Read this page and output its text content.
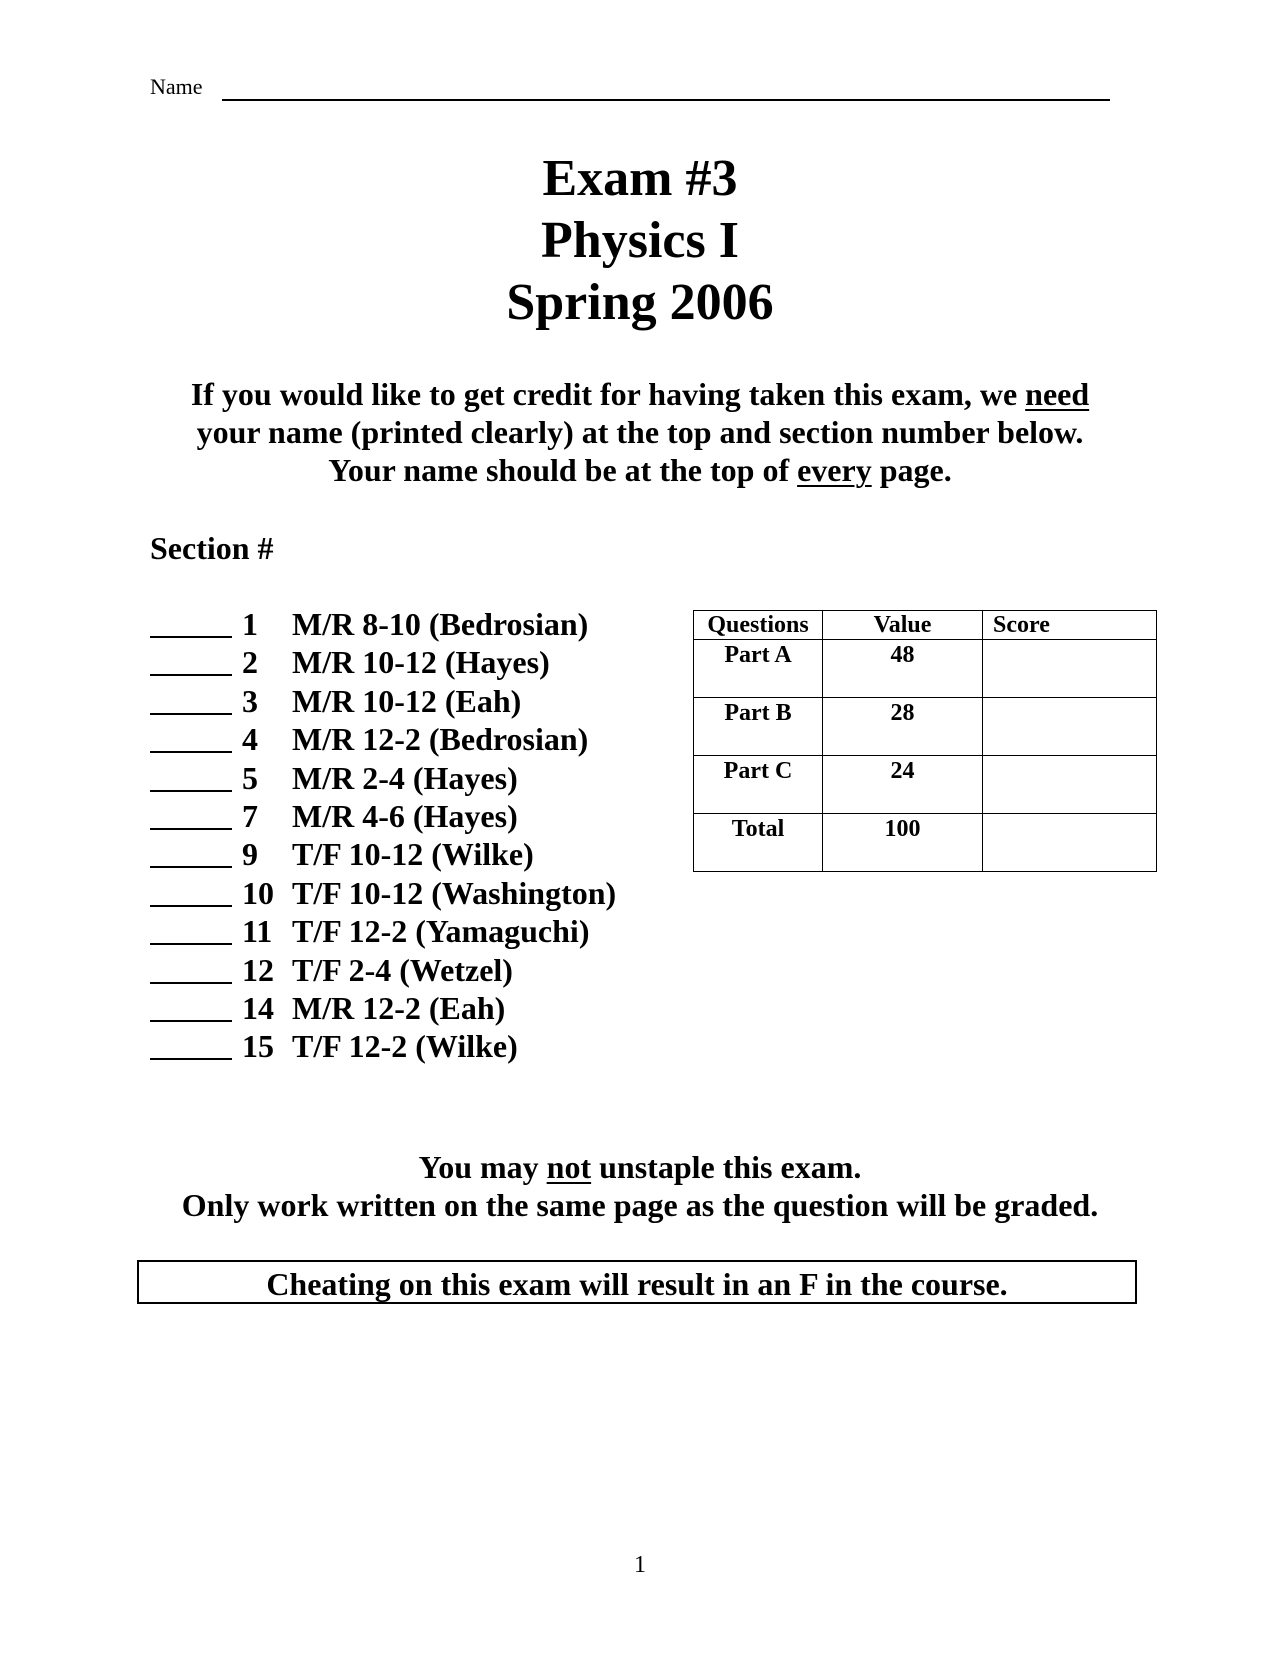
Name
Exam #3
Physics I
Spring 2006
If you would like to get credit for having taken this exam, we need
your name (printed clearly) at the top and section number below.
Your name should be at the top of every page.
Section #
1 M/R 8-10 (Bedrosian)
2 M/R 10-12 (Hayes)
3 M/R 10-12 (Eah)
4 M/R 12-2 (Bedrosian)
5 M/R 2-4 (Hayes)
7 M/R 4-6 (Hayes)
9 T/F 10-12 (Wilke)
10 T/F 10-12 (Washington)
11 T/F 12-2 (Yamaguchi)
12 T/F 2-4 (Wetzel)
14 M/R 12-2 (Eah)
15 T/F 12-2 (Wilke)
Questions	Value	Score
Part A	48	
Part B	28	
Part C	24	
Total	100	
You may not unstaple this exam.
Only work written on the same page as the question will be graded.
Cheating on this exam will result in an F in the course.
1
